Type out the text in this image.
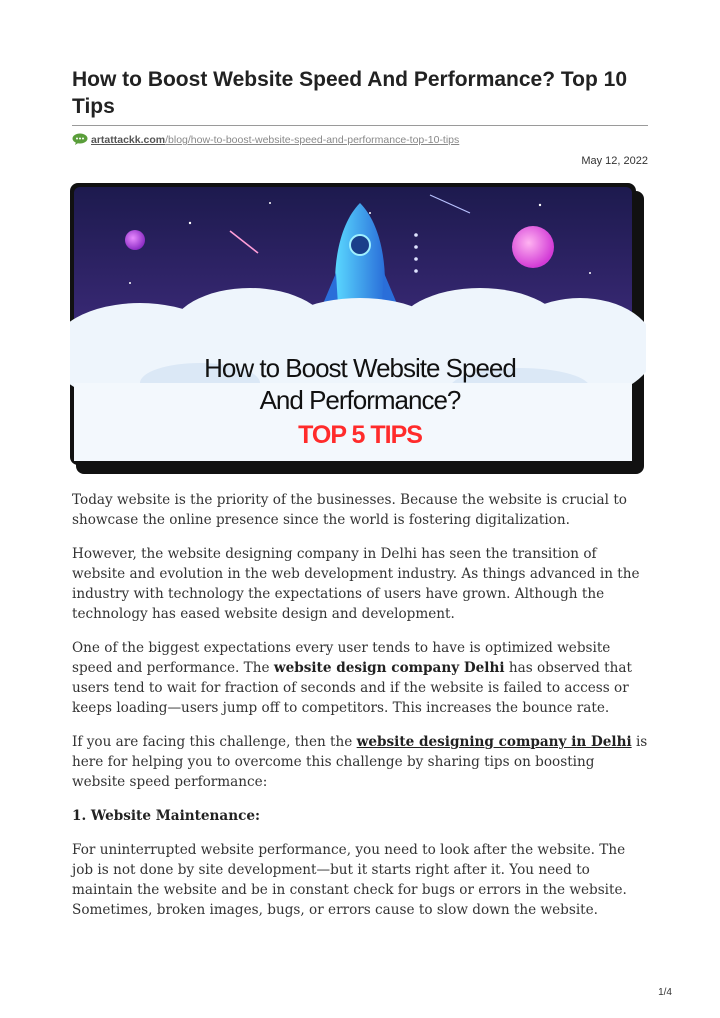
How to Boost Website Speed And Performance? Top 10 Tips
artattackk.com/blog/how-to-boost-website-speed-and-performance-top-10-tips
May 12, 2022
How to Boost Website Speed
And Performance?
TOP 5 TIPS

Today website is the priority of the businesses. Because the website is crucial to showcase the online presence since the world is fostering digitalization.

However, the website designing company in Delhi has seen the transition of website and evolution in the web development industry. As things advanced in the industry with technology the expectations of users have grown. Although the technology has eased website design and development.

One of the biggest expectations every user tends to have is optimized website speed and performance. The website design company Delhi has observed that users tend to wait for fraction of seconds and if the website is failed to access or keeps loading—users jump off to competitors. This increases the bounce rate.

If you are facing this challenge, then the website designing company in Delhi is here for helping you to overcome this challenge by sharing tips on boosting website speed performance:

1. Website Maintenance:

For uninterrupted website performance, you need to look after the website. The job is not done by site development—but it starts right after it. You need to maintain the website and be in constant check for bugs or errors in the website. Sometimes, broken images, bugs, or errors cause to slow down the website.

1/4
